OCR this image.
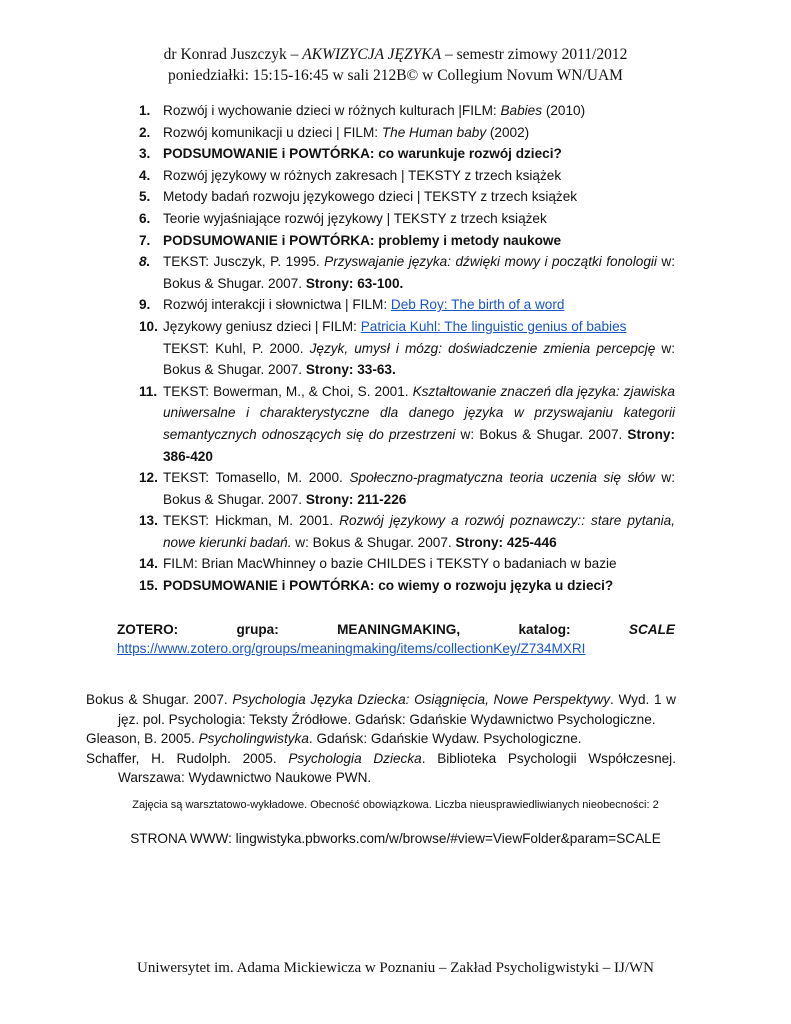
dr Konrad Juszczyk – AKWIZYCJA JĘZYKA – semestr zimowy 2011/2012
poniedziałki: 15:15-16:45 w sali 212B© w Collegium Novum WN/UAM
1. Rozwój i wychowanie dzieci w różnych kulturach |FILM: Babies (2010)
2. Rozwój komunikacji u dzieci | FILM: The Human baby (2002)
3. PODSUMOWANIE i POWTÓRKA: co warunkuje rozwój dzieci?
4. Rozwój językowy w różnych zakresach | TEKSTY z trzech książek
5. Metody badań rozwoju językowego dzieci | TEKSTY z trzech książek
6. Teorie wyjaśniające rozwój językowy | TEKSTY z trzech książek
7. PODSUMOWANIE i POWTÓRKA: problemy i metody naukowe
8. TEKST: Jusczyk, P. 1995. Przyswajanie języka: dźwięki mowy i początki fonologii w: Bokus & Shugar. 2007. Strony: 63-100.
9. Rozwój interakcji i słownictwa | FILM: Deb Roy: The birth of a word
10. Językowy geniusz dzieci | FILM: Patricia Kuhl: The linguistic genius of babies
TEKST: Kuhl, P. 2000. Język, umysł i mózg: doświadczenie zmienia percepcję w: Bokus & Shugar. 2007. Strony: 33-63.
11. TEKST: Bowerman, M., & Choi, S. 2001. Kształtowanie znaczeń dla języka: zjawiska uniwersalne i charakterystyczne dla danego języka w przyswajaniu kategorii semantycznych odnoszących się do przestrzeni w: Bokus & Shugar. 2007. Strony: 386-420
12. TEKST: Tomasello, M. 2000. Społeczno-pragmatyczna teoria uczenia się słów w: Bokus & Shugar. 2007. Strony: 211-226
13. TEKST: Hickman, M. 2001. Rozwój językowy a rozwój poznawczy:: stare pytania, nowe kierunki badań. w: Bokus & Shugar. 2007. Strony: 425-446
14. FILM: Brian MacWhinney o bazie CHILDES i TEKSTY o badaniach w bazie
15. PODSUMOWANIE i POWTÓRKA: co wiemy o rozwoju języka u dzieci?
ZOTERO:	grupa:	MEANINGMAKING,	katalog:	SCALE
https://www.zotero.org/groups/meaningmaking/items/collectionKey/Z734MXRI
Bokus & Shugar. 2007. Psychologia Języka Dziecka: Osiągnięcia, Nowe Perspektywy. Wyd. 1 w jęz. pol. Psychologia: Teksty Źródłowe. Gdańsk: Gdańskie Wydawnictwo Psychologiczne.
Gleason, B. 2005. Psycholingwistyka. Gdańsk: Gdańskie Wydaw. Psychologiczne.
Schaffer, H. Rudolph. 2005. Psychologia Dziecka. Biblioteka Psychologii Współczesnej. Warszawa: Wydawnictwo Naukowe PWN.
Zajęcia są warsztatowo-wykładowe. Obecność obowiązkowa. Liczba nieusprawiedliwianych nieobecności: 2
STRONA WWW: lingwistyka.pbworks.com/w/browse/#view=ViewFolder&param=SCALE
Uniwersytet im. Adama Mickiewicza w Poznaniu – Zakład Psycholigwistyki – IJ/WN
